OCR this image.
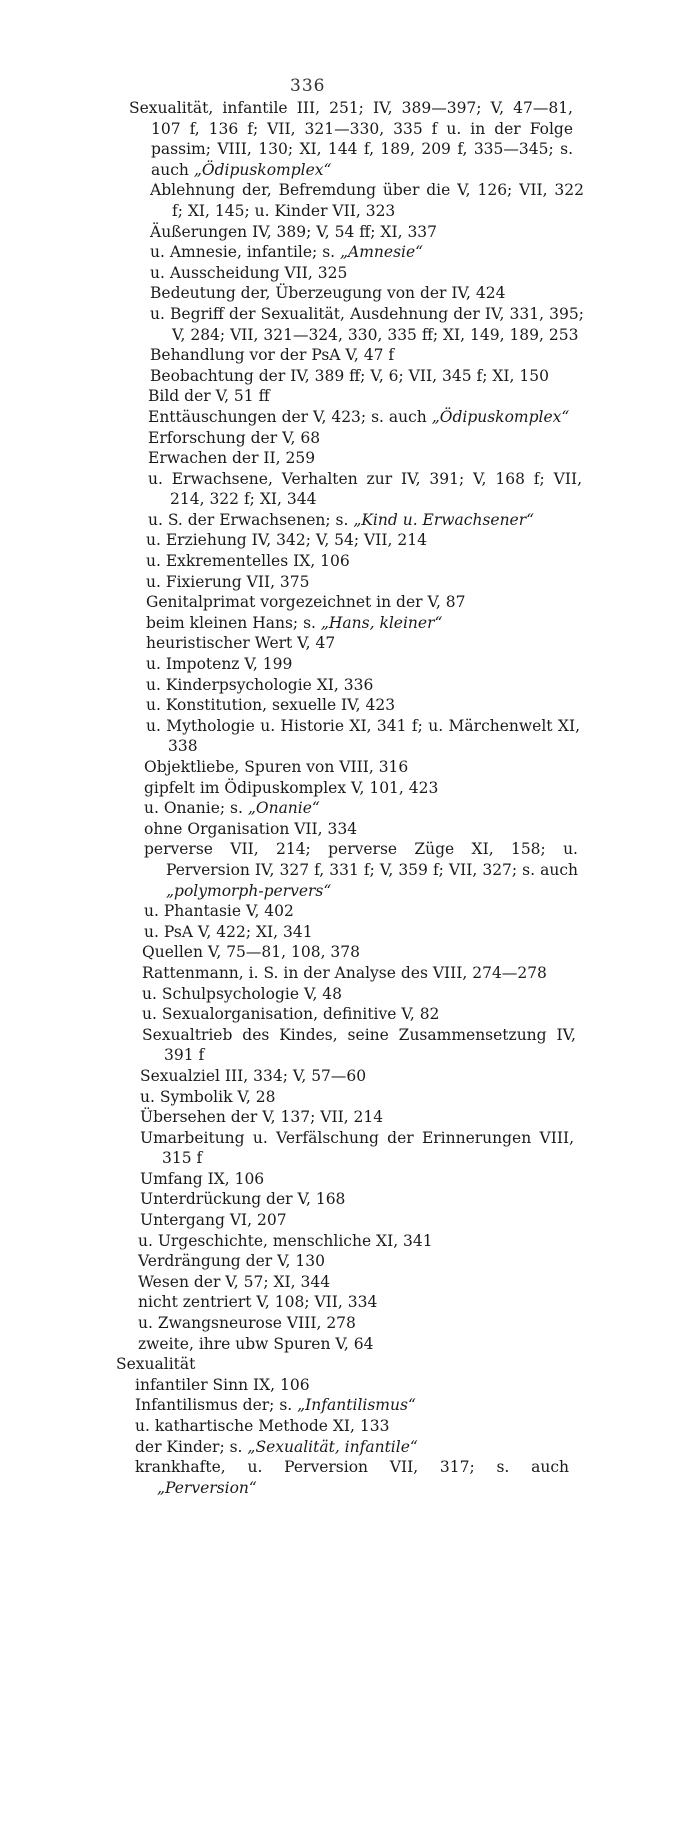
336
Sexualität, infantile III, 251; IV, 389—397; V, 47—81, 107 f, 136 f; VII, 321—330, 335 f u. in der Folge passim; VIII, 130; XI, 144 f, 189, 209 f, 335—345; s. auch „Ödipuskomplex“
Ablehnung der, Befremdung über die V, 126; VII, 322 f; XI, 145; u. Kinder VII, 323
Äußerungen IV, 389; V, 54 ff; XI, 337
u. Amnesie, infantile; s. „Amnesie“
u. Ausscheidung VII, 325
Bedeutung der, Überzeugung von der IV, 424
u. Begriff der Sexualität, Ausdehnung der IV, 331, 395; V, 284; VII, 321—324, 330, 335 ff; XI, 149, 189, 253
Behandlung vor der PsA V, 47 f
Beobachtung der IV, 389 ff; V, 6; VII, 345 f; XI, 150
Bild der V, 51 ff
Enttäuschungen der V, 423; s. auch „Ödipuskomplex“
Erforschung der V, 68
Erwachen der II, 259
u. Erwachsene, Verhalten zur IV, 391; V, 168 f; VII, 214, 322 f; XI, 344
u. S. der Erwachsenen; s. „Kind u. Erwachsener“
u. Erziehung IV, 342; V, 54; VII, 214
u. Exkrementelles IX, 106
u. Fixierung VII, 375
Genitalprimat vorgezeichnet in der V, 87
beim kleinen Hans; s. „Hans, kleiner“
heuristischer Wert V, 47
u. Impotenz V, 199
u. Kinderpsychologie XI, 336
u. Konstitution, sexuelle IV, 423
u. Mythologie u. Historie XI, 341 f; u. Märchenwelt XI, 338
Objektliebe, Spuren von VIII, 316
gipfelt im Ödipuskomplex V, 101, 423
u. Onanie; s. „Onanie“
ohne Organisation VII, 334
perverse VII, 214; perverse Züge XI, 158; u. Perversion IV, 327 f, 331 f; V, 359 f; VII, 327; s. auch „polymorph-pervers“
u. Phantasie V, 402
u. PsA V, 422; XI, 341
Quellen V, 75—81, 108, 378
Rattenmann, i. S. in der Analyse des VIII, 274—278
u. Schulpsychologie V, 48
u. Sexualorganisation, definitive V, 82
Sexualtrieb des Kindes, seine Zusammensetzung IV, 391 f
Sexualziel III, 334; V, 57—60
u. Symbolik V, 28
Übersehen der V, 137; VII, 214
Umarbeitung u. Verfälschung der Erinnerungen VIII, 315 f
Umfang IX, 106
Unterdrückung der V, 168
Untergang VI, 207
u. Urgeschichte, menschliche XI, 341
Verdrängung der V, 130
Wesen der V, 57; XI, 344
nicht zentriert V, 108; VII, 334
u. Zwangsneurose VIII, 278
zweite, ihre ubw Spuren V, 64
Sexualität
infantiler Sinn IX, 106
Infantilismus der; s. „Infantilismus“
u. kathartische Methode XI, 133
der Kinder; s. „Sexualität, infantile“
krankhafte, u. Perversion VII, 317; s. auch „Perversion“
